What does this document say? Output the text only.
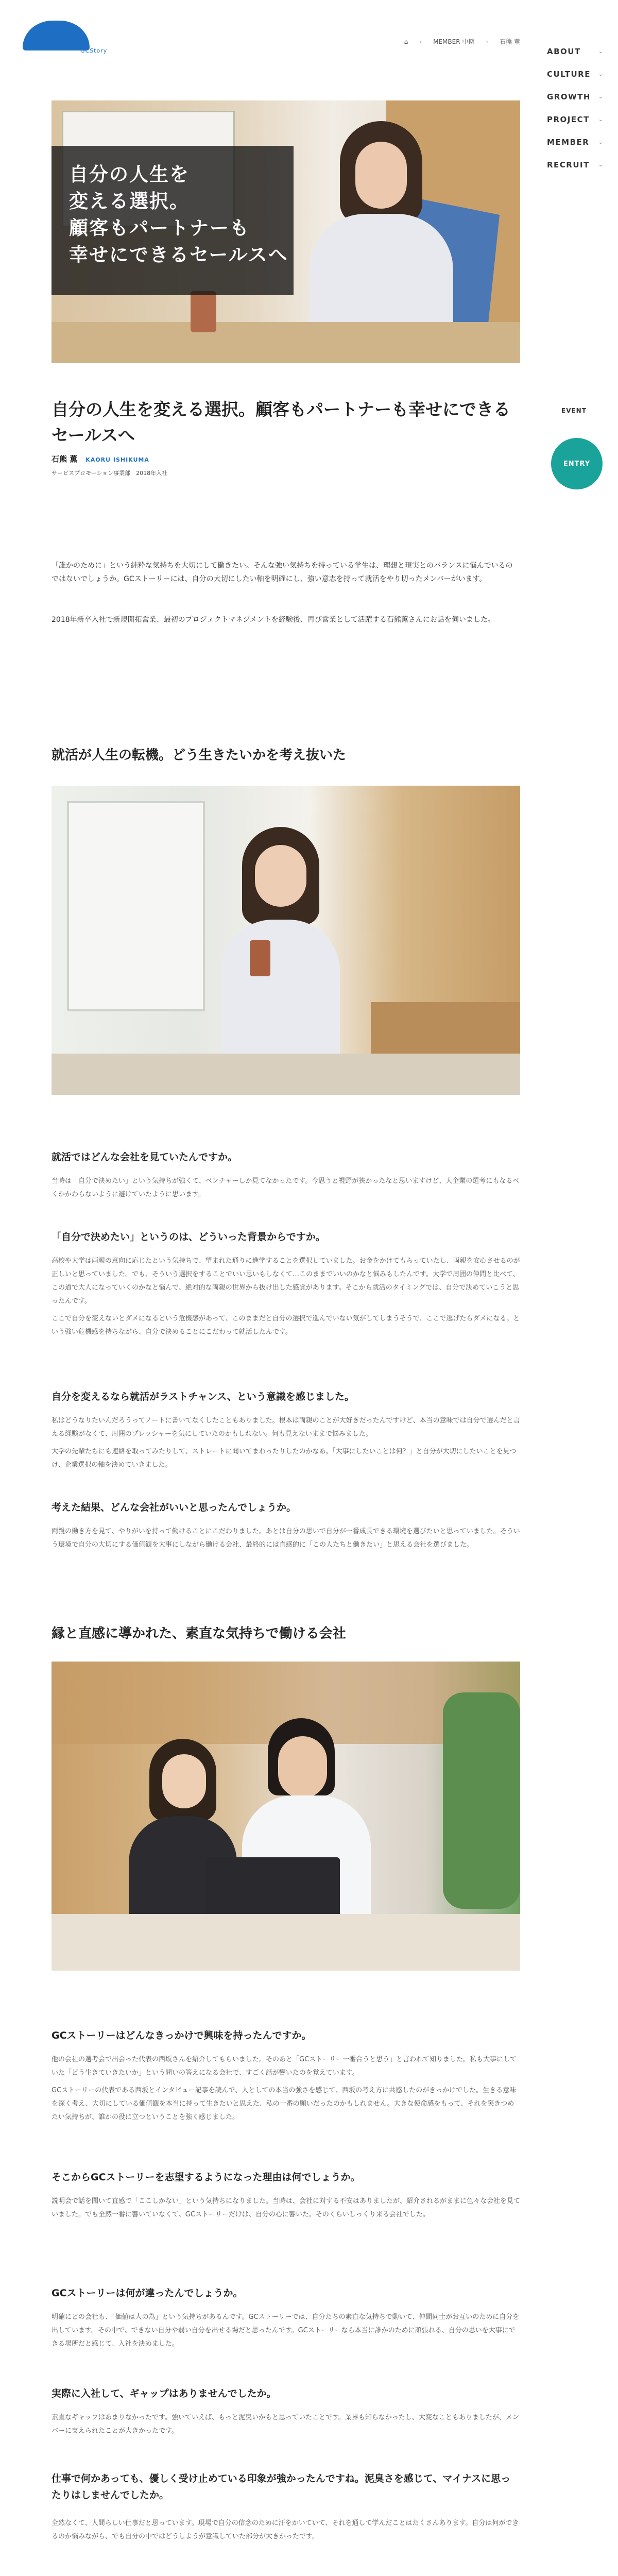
GCStory
⌂ › MEMBER 中期 › 石熊 薫
ABOUT	⌄
CULTURE ⌄
GROWTH ⌄
PROJECT ⌄
MEMBER ⌄
RECRUIT ⌄
EVENT
ENTRY
自分の人生を
変える選択。
顧客もパートナーも
幸せにできるセールスへ
自分の人生を変える選択。顧客もパートナーも幸せにできるセールスへ
石熊 薫 KAORU ISHIKUMA
サービスプロモーション事業部　2018年入社
「誰かのために」という純粋な気持ちを大切にして働きたい。そんな強い気持ちを持っている学生は、理想と現実とのバランスに悩んでいるのではないでしょうか。GCストーリーには、自分の大切にしたい軸を明確にし、強い意志を持って就活をやり切ったメンバーがいます。
2018年新卒入社で新規開拓営業、最初のプロジェクトマネジメントを経験後、再び営業として活躍する石熊薫さんにお話を伺いました。
就活が人生の転機。どう生きたいかを考え抜いた
就活ではどんな会社を見ていたんですか。
当時は「自分で決めたい」という気持ちが強くて、ベンチャーしか見てなかったです。今思うと視野が狭かったなと思いますけど、大企業の選考にもなるべくかかわらないように避けていたように思います。
「自分で決めたい」というのは、どういった背景からですか。
高校や大学は両親の意向に応じたという気持ちで、望まれた通りに進学することを選択していました。お金をかけてもらっていたし、両親を安心させるのが正しいと思っていました。でも、そういう選択をすることでいい思いもしなくて…このままでいいのかなと悩みもしたんです。大学で周囲の仲間と比べて、この道で大人になっていくのかなと悩んで、絶対的な両親の世界から抜け出した感覚があります。そこから就活のタイミングでは、自分で決めていこうと思ったんです。
ここで自分を変えないとダメになるという危機感があって、このままだと自分の選択で進んでいない気がしてしまうそうで、ここで逃げたらダメになる。という強い危機感を持ちながら、自分で決めることにこだわって就活したんです。
自分を変えるなら就活がラストチャンス、という意識を感じました。
私はどうなりたいんだろうってノートに書いてなくしたこともありました。根本は両親のことが大好きだったんですけど、本当の意味では自分で選んだと言える経験がなくて、周囲のプレッシャーを気にしていたのかもしれない。何も見えないままで悩みました。
大学の先輩たちにも連絡を取ってみたりして、ストレートに聞いてまわったりしたのかなあ。「大事にしたいことは何？」と自分が大切にしたいことを見つけ、企業選択の軸を決めていきました。
考えた結果、どんな会社がいいと思ったんでしょうか。
両親の働き方を見て、やりがいを持って働けることにこだわりました。あとは自分の思いで自分が一番成長できる環境を選びたいと思っていました。そういう環境で自分の大切にする価値観を大事にしながら働ける会社、最終的には直感的に「この人たちと働きたい」と思える会社を選びました。
縁と直感に導かれた、素直な気持ちで働ける会社
GCストーリーはどんなきっかけで興味を持ったんですか。
他の会社の選考会で出会った代表の西坂さんを紹介してもらいました。そのあと「GCストーリー一番合うと思う」と言われて知りました。私も大事にしていた「どう生きていきたいか」という問いの答えになる会社で、すごく話が響いたのを覚えています。
GCストーリーの代表である西坂とインタビュー記事を読んで、人としての本当の強さを感じて、西坂の考え方に共感したのがきっかけでした。生きる意味を深く考え、大切にしている価値観を本当に持って生きたいと思えた、私の一番の願いだったのかもしれません。大きな使命感をもって、それを突きつめたい気持ちが、誰かの役に立つということを強く感じました。
そこからGCストーリーを志望するようになった理由は何でしょうか。
説明会で話を聞いて直感で「ここしかない」という気持ちになりました。当時は、会社に対する不安はありましたが、紹介されるがままに色々な会社を見ていました。でも全然一番に響いていなくて、GCストーリーだけは、自分の心に響いた。そのくらいしっくり来る会社でした。
GCストーリーは何が違ったんでしょうか。
明確にどの会社も、「価値は人の為」という気持ちがあるんです。GCストーリーでは、自分たちの素直な気持ちで動いて、仲間同士がお互いのために自分を出しています。その中で、できない自分や弱い自分を出せる場だと思ったんです。GCストーリーなら本当に誰かのために頑張れる、自分の思いを大事にできる場所だと感じて、入社を決めました。
実際に入社して、ギャップはありませんでしたか。
素直なギャップはあまりなかったです。強いていえば、もっと泥臭いかもと思っていたことです。業界も知らなかったし、大変なこともありましたが、メンバーに支えられたことが大きかったです。
仕事で何かあっても、優しく受け止めている印象が強かったんですね。泥臭さを感じて、マイナスに思ったりはしませんでしたか。
全然なくて、人間らしい仕事だと思っています。現場で自分の信念のために汗をかいていて、それを通して学んだことはたくさんあります。自分は何ができるのか悩みながら、でも自分の中ではどうしようが意識していた部分が大きかったです。
